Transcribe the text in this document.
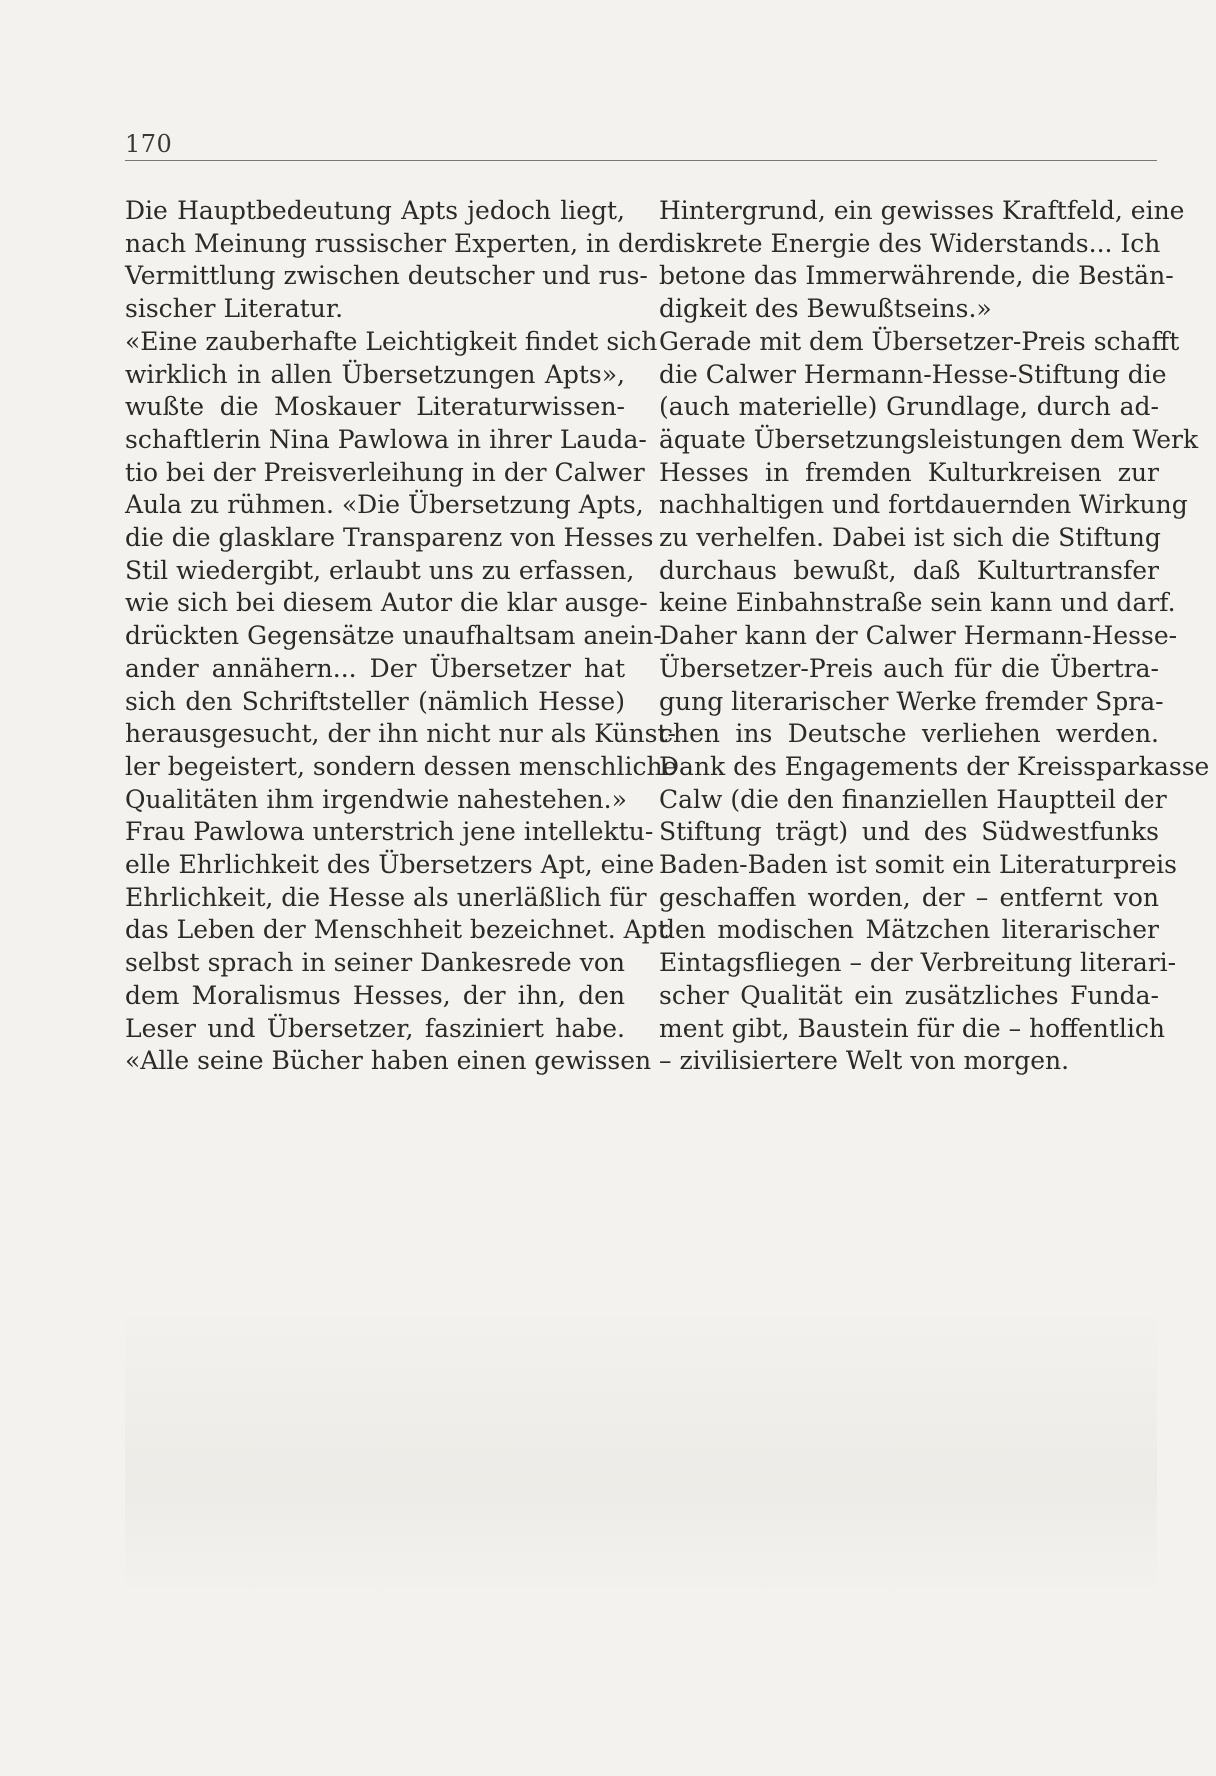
170
Die Hauptbedeutung Apts jedoch liegt,
nach Meinung russischer Experten, in der
Vermittlung zwischen deutscher und rus-
sischer Literatur.
«Eine zauberhafte Leichtigkeit findet sich
wirklich in allen Übersetzungen Apts»,
wußte die Moskauer Literaturwissen-
schaftlerin Nina Pawlowa in ihrer Lauda-
tio bei der Preisverleihung in der Calwer
Aula zu rühmen. «Die Übersetzung Apts,
die die glasklare Transparenz von Hesses
Stil wiedergibt, erlaubt uns zu erfassen,
wie sich bei diesem Autor die klar ausge-
drückten Gegensätze unaufhaltsam anein-
ander annähern... Der Übersetzer hat
sich den Schriftsteller (nämlich Hesse)
herausgesucht, der ihn nicht nur als Künst-
ler begeistert, sondern dessen menschliche
Qualitäten ihm irgendwie nahestehen.»
Frau Pawlowa unterstrich jene intellektu-
elle Ehrlichkeit des Übersetzers Apt, eine
Ehrlichkeit, die Hesse als unerläßlich für
das Leben der Menschheit bezeichnet. Apt
selbst sprach in seiner Dankesrede von
dem Moralismus Hesses, der ihn, den
Leser und Übersetzer, fasziniert habe.
«Alle seine Bücher haben einen gewissen
Hintergrund, ein gewisses Kraftfeld, eine
diskrete Energie des Widerstands... Ich
betone das Immerwährende, die Bestän-
digkeit des Bewußtseins.»
Gerade mit dem Übersetzer-Preis schafft
die Calwer Hermann-Hesse-Stiftung die
(auch materielle) Grundlage, durch ad-
äquate Übersetzungsleistungen dem Werk
Hesses in fremden Kulturkreisen zur
nachhaltigen und fortdauernden Wirkung
zu verhelfen. Dabei ist sich die Stiftung
durchaus bewußt, daß Kulturtransfer
keine Einbahnstraße sein kann und darf.
Daher kann der Calwer Hermann-Hesse-
Übersetzer-Preis auch für die Übertra-
gung literarischer Werke fremder Spra-
chen ins Deutsche verliehen werden.
Dank des Engagements der Kreissparkasse
Calw (die den finanziellen Hauptteil der
Stiftung trägt) und des Südwestfunks
Baden-Baden ist somit ein Literaturpreis
geschaffen worden, der – entfernt von
den modischen Mätzchen literarischer
Eintagsfliegen – der Verbreitung literari-
scher Qualität ein zusätzliches Funda-
ment gibt, Baustein für die – hoffentlich
– zivilisiertere Welt von morgen.
